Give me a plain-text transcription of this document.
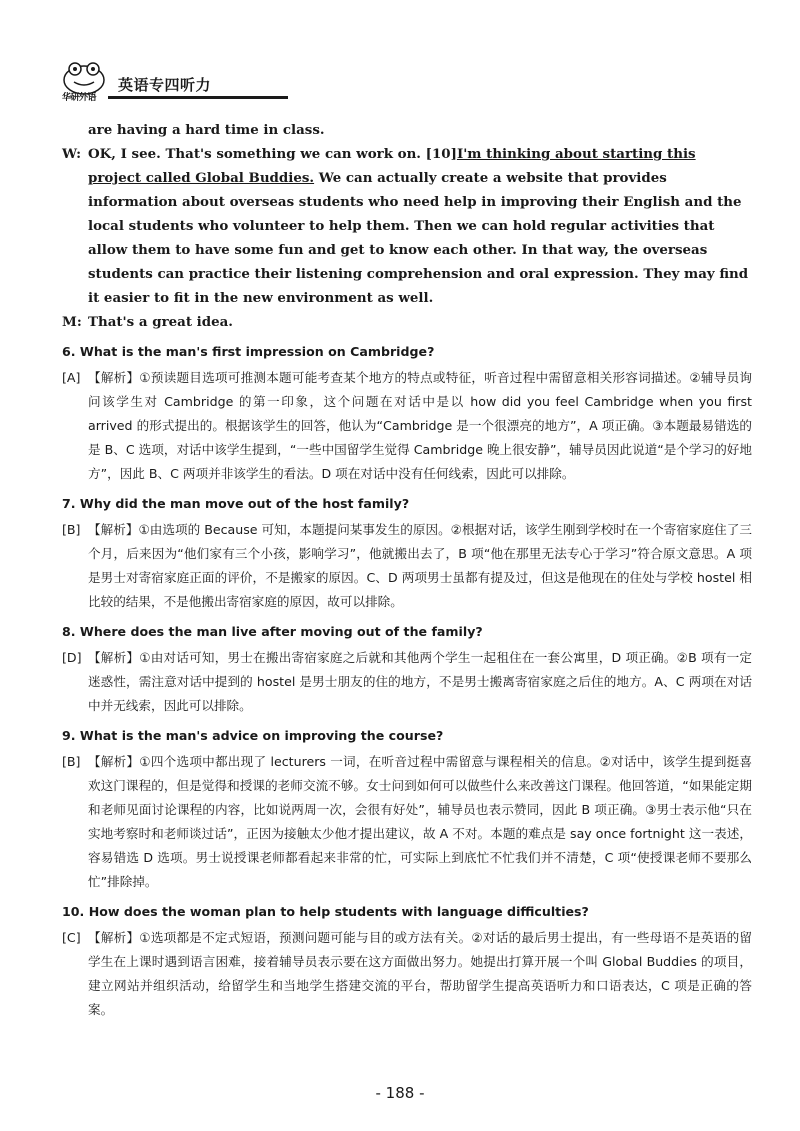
华研外语
英语专四听力

are having a hard time in class.

W: OK, I see. That's something we can work on. [10]I'm thinking about starting this project called Global Buddies. We can actually create a website that provides information about overseas students who need help in improving their English and the local students who volunteer to help them. Then we can hold regular activities that allow them to have some fun and get to know each other. In that way, the overseas students can practice their listening comprehension and oral expression. They may find it easier to fit in the new environment as well.

M: That's a great idea.

6. What is the man's first impression on Cambridge?

[A] 【解析】①预读题目选项可推测本题可能考查某个地方的特点或特征，听音过程中需留意相关形容词描述。②辅导员询问该学生对 Cambridge 的第一印象，这个问题在对话中是以 how did you feel Cambridge when you first arrived 的形式提出的。根据该学生的回答，他认为“Cambridge 是一个很漂亮的地方”，A 项正确。③本题最易错选的是 B、C 选项，对话中该学生提到，“一些中国留学生觉得 Cambridge 晚上很安静”，辅导员因此说道“是个学习的好地方”，因此 B、C 两项并非该学生的看法。D 项在对话中没有任何线索，因此可以排除。

7. Why did the man move out of the host family?

[B] 【解析】①由选项的 Because 可知，本题提问某事发生的原因。②根据对话，该学生刚到学校时在一个寄宿家庭住了三个月，后来因为“他们家有三个小孩，影响学习”，他就搬出去了，B 项“他在那里无法专心于学习”符合原文意思。A 项是男士对寄宿家庭正面的评价，不是搬家的原因。C、D 两项男士虽都有提及过，但这是他现在的住处与学校 hostel 相比较的结果，不是他搬出寄宿家庭的原因，故可以排除。

8. Where does the man live after moving out of the family?

[D] 【解析】①由对话可知，男士在搬出寄宿家庭之后就和其他两个学生一起租住在一套公寓里，D 项正确。②B 项有一定迷惑性，需注意对话中提到的 hostel 是男士朋友的住的地方，不是男士搬离寄宿家庭之后住的地方。A、C 两项在对话中并无线索，因此可以排除。

9. What is the man's advice on improving the course?

[B] 【解析】①四个选项中都出现了 lecturers 一词，在听音过程中需留意与课程相关的信息。②对话中，该学生提到挺喜欢这门课程的，但是觉得和授课的老师交流不够。女士问到如何可以做些什么来改善这门课程。他回答道，“如果能定期和老师见面讨论课程的内容，比如说两周一次，会很有好处”，辅导员也表示赞同，因此 B 项正确。③男士表示他“只在实地考察时和老师谈过话”，正因为接触太少他才提出建议，故 A 不对。本题的难点是 say once fortnight 这一表述，容易错选 D 选项。男士说授课老师都看起来非常的忙，可实际上到底忙不忙我们并不清楚，C 项“使授课老师不要那么忙”排除掉。

10. How does the woman plan to help students with language difficulties?

[C] 【解析】①选项都是不定式短语，预测问题可能与目的或方法有关。②对话的最后男士提出，有一些母语不是英语的留学生在上课时遇到语言困难，接着辅导员表示要在这方面做出努力。她提出打算开展一个叫 Global Buddies 的项目，建立网站并组织活动，给留学生和当地学生搭建交流的平台，帮助留学生提高英语听力和口语表达，C 项是正确的答案。

- 188 -
